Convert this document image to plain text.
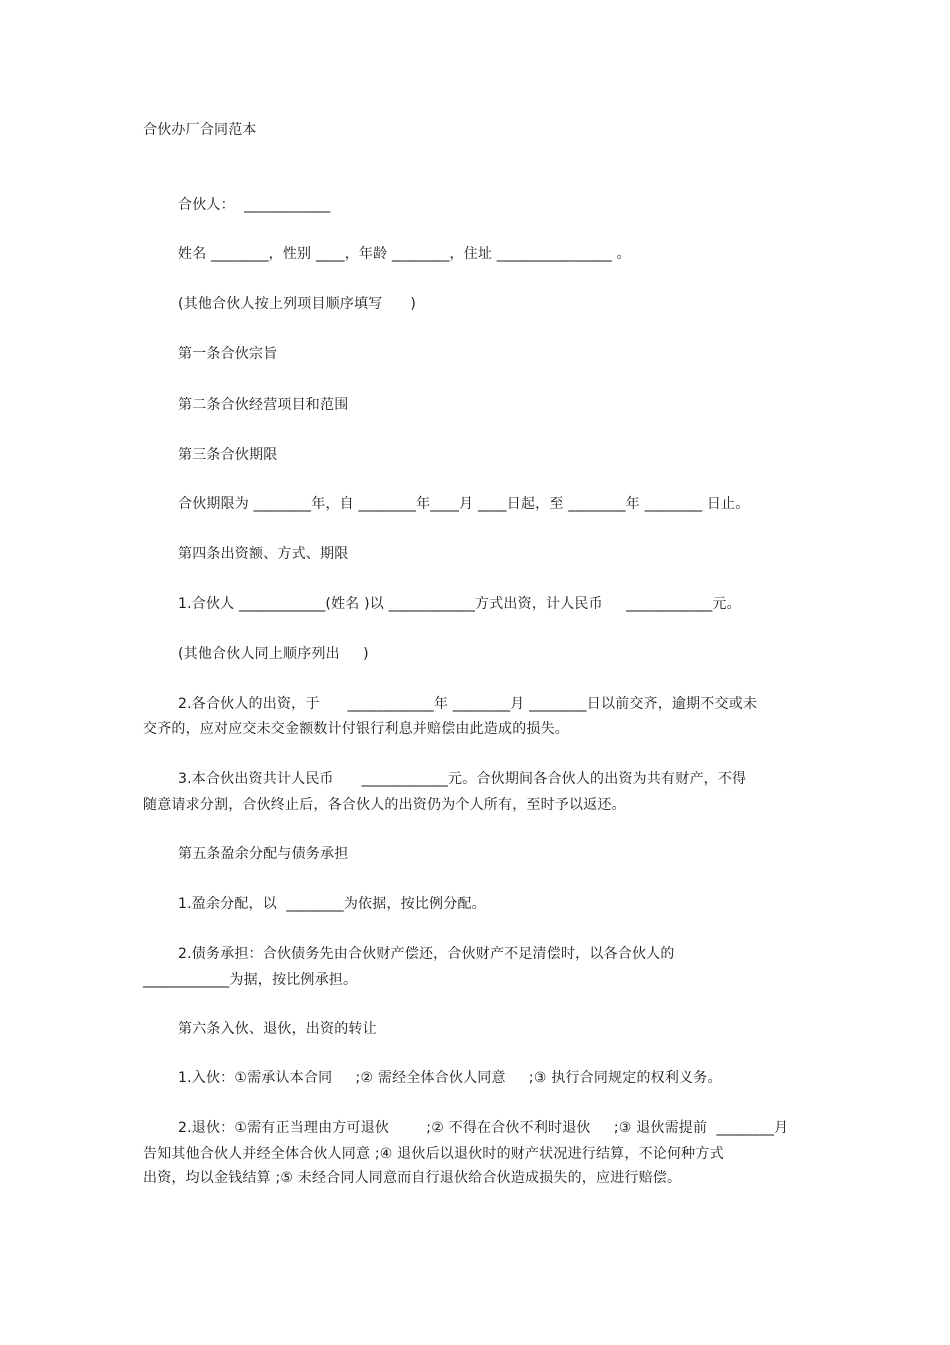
合伙办厂合同范本
合伙人：  ____________
姓名 ________，性别 ____，年龄 ________，住址 ________________ 。
(其他合伙人按上列项目顺序填写      )
第一条合伙宗旨
第二条合伙经营项目和范围
第三条合伙期限
合伙期限为 ________年，自 ________年____月 ____日起，至 ________年 ________ 日止。
第四条出资额、方式、期限
1.合伙人 ____________(姓名 )以 ____________方式出资，计人民币     ____________元。
(其他合伙人同上顺序列出     )
2.各合伙人的出资，于      ____________年 ________月 ________日以前交齐，逾期不交或未
交齐的，应对应交未交金额数计付银行利息并赔偿由此造成的损失。
3.本合伙出资共计人民币      ____________元。合伙期间各合伙人的出资为共有财产，不得
随意请求分割，合伙终止后，各合伙人的出资仍为个人所有，至时予以返还。
第五条盈余分配与债务承担
1.盈余分配，以  ________为依据，按比例分配。
2.债务承担：合伙债务先由合伙财产偿还，合伙财产不足清偿时，以各合伙人的
____________为据，按比例承担。
第六条入伙、退伙，出资的转让
1.入伙：①需承认本合同     ;② 需经全体合伙人同意     ;③ 执行合同规定的权利义务。
2.退伙：①需有正当理由方可退伙        ;② 不得在合伙不利时退伙     ;③ 退伙需提前  ________月
告知其他合伙人并经全体合伙人同意 ;④ 退伙后以退伙时的财产状况进行结算，不论何种方式
出资，均以金钱结算 ;⑤ 未经合同人同意而自行退伙给合伙造成损失的，应进行赔偿。
